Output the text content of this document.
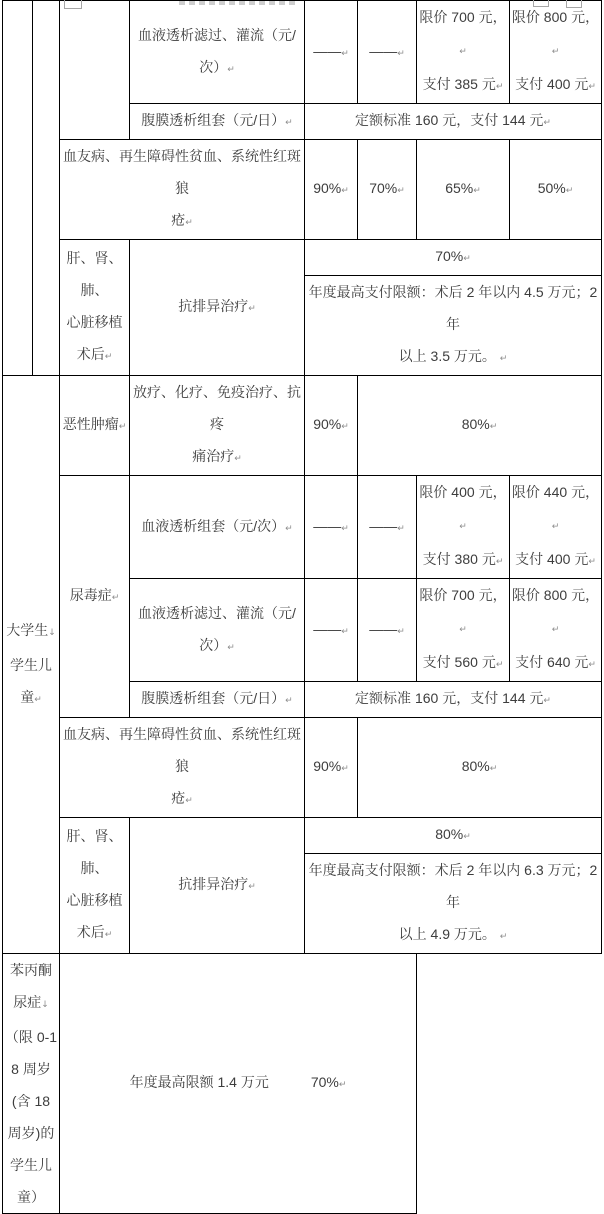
			血液透析滤过、灌流（元/次）↵	——↵	——↵	限价 700 元，↵
支付 385 元↵	限价 800 元，↵
支付 400 元↵
			腹膜透析组套（元/日）↵	定额标准 160 元，支付 144 元↵			
		血友病、再生障碍性贫血、系统性红斑狼
疮↵		90%↵	70%↵	65%↵	50%↵
		肝、肾、肺、
心脏移植
术后↵	抗排异治疗↵	70%↵			
				年度最高支付限额：术后 2 年以内 4.5 万元；2 年
以上 3.5 万元。 ↵			
大学生↓
学生儿
童↵		恶性肿瘤↵	放疗、化疗、免疫治疗、抗疼
痛治疗↵	90%↵	80%↵		
		尿毒症↵	血液透析组套（元/次）↵	——↵	——↵	限价 400 元，↵
支付 380 元↵	限价 440 元，↵
支付 400 元↵
			血液透析滤过、灌流（元/次）↵	——↵	——↵	限价 700 元，↵
支付 560 元↵	限价 800 元，↵
支付 640 元↵
			腹膜透析组套（元/日）↵	定额标准 160 元，支付 144 元↵			
		血友病、再生障碍性贫血、系统性红斑狼
疮↵		90%↵	80%↵		
		肝、肾、肺、
心脏移植
术后↵	抗排异治疗↵	80%↵			
				年度最高支付限额：术后 2 年以内 6.3 万元；2 年
以上 4.9 万元。 ↵			
苯丙酮尿症↓
（限 0-18 周岁(含 18 周岁)的学生儿童）		年度最高限额 1.4 万元　　　 70%↵					
